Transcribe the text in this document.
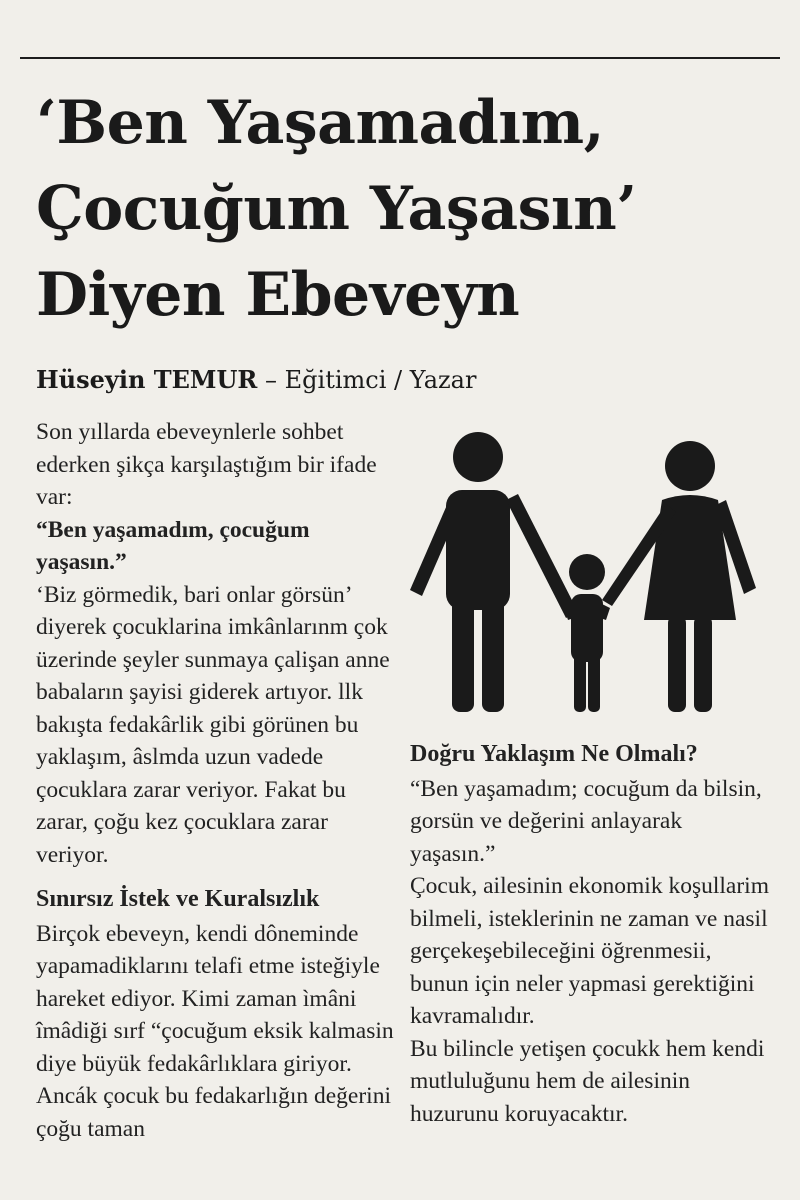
‘Ben Yaşamadım,
Çocuğum Yaşasın’
Diyen Ebeveyn
Hüseyin TEMUR – Eğitimci / Yazar

Son yıllarda ebeveynlerle sohbet ederken şikça karşılaştığım bir ifade var:

“Ben yaşamadım, çocuğum yaşasın.”

‘Biz görmedik, bari onlar görsün’ diyerek çocuklarina imkânlarınm çok üzerinde şeyler sunmaya çalişan anne babaların şayisi giderek artıyor. llk bakışta fedakârlik gibi görünen bu yaklaşım, âslmda uzun vadede çocuklara zarar veriyor. Fakat bu zarar, çoğu kez çocuklara zarar veriyor.

Sınırsız İstek ve Kuralsızlık

Birçok ebeveyn, kendi dôneminde yapamadiklarını telafi etme isteğiyle hareket ediyor. Kimi zaman ìmâni îmâdiği sırf “çocuğum eksik kalmasin diye büyük fedakârlıklara giriyor. Ancák çocuk bu fedakarlığın değerini çoğu taman

Doğru Yaklaşım Ne Olmalı?

“Ben yaşamadım; cocuğum da bilsin, gorsün ve değerini anlayarak yaşasın.”

Çocuk, ailesinin ekonomik koşullarim bilmeli, isteklerinin ne zaman ve nasil gerçekeşebileceğini öğrenmesii, bunun için neler yapmasi gerektiğini kavramalıdır.

Bu bilincle yetişen çocukk hem kendi mutluluğunu hem de ailesinin huzurunu koruyacaktır.
